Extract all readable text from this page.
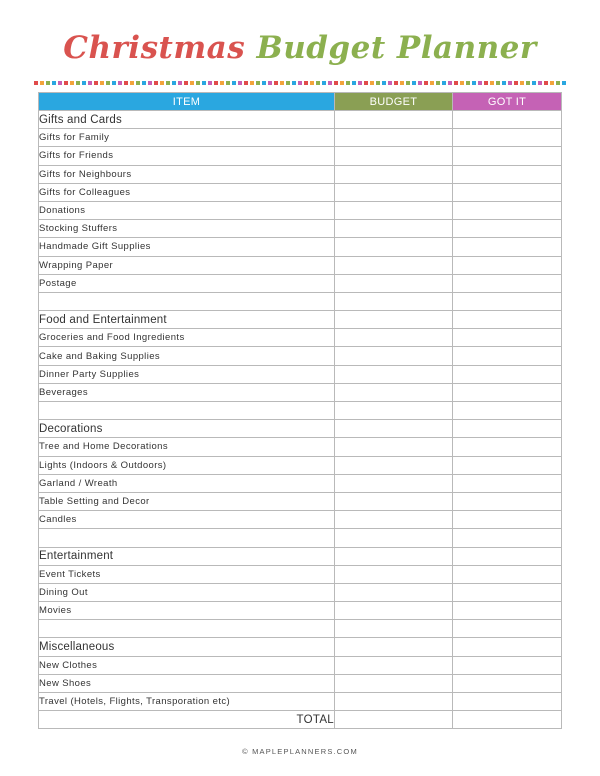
Christmas Budget Planner
ITEM	BUDGET	GOT IT
Gifts and Cards		
Gifts for Family		
Gifts for Friends		
Gifts for Neighbours		
Gifts for Colleagues		
Donations		
Stocking Stuffers		
Handmade Gift Supplies		
Wrapping Paper		
Postage		

Food and Entertainment		
Groceries and Food Ingredients		
Cake and Baking Supplies		
Dinner Party Supplies		
Beverages		

Decorations		
Tree and Home Decorations		
Lights (Indoors & Outdoors)		
Garland / Wreath		
Table Setting and Decor		
Candles		

Entertainment		
Event Tickets		
Dining Out		
Movies		

Miscellaneous		
New Clothes		
New Shoes		
Travel (Hotels, Flights, Transporation etc)		
TOTAL		
© MAPLEPLANNERS.COM
